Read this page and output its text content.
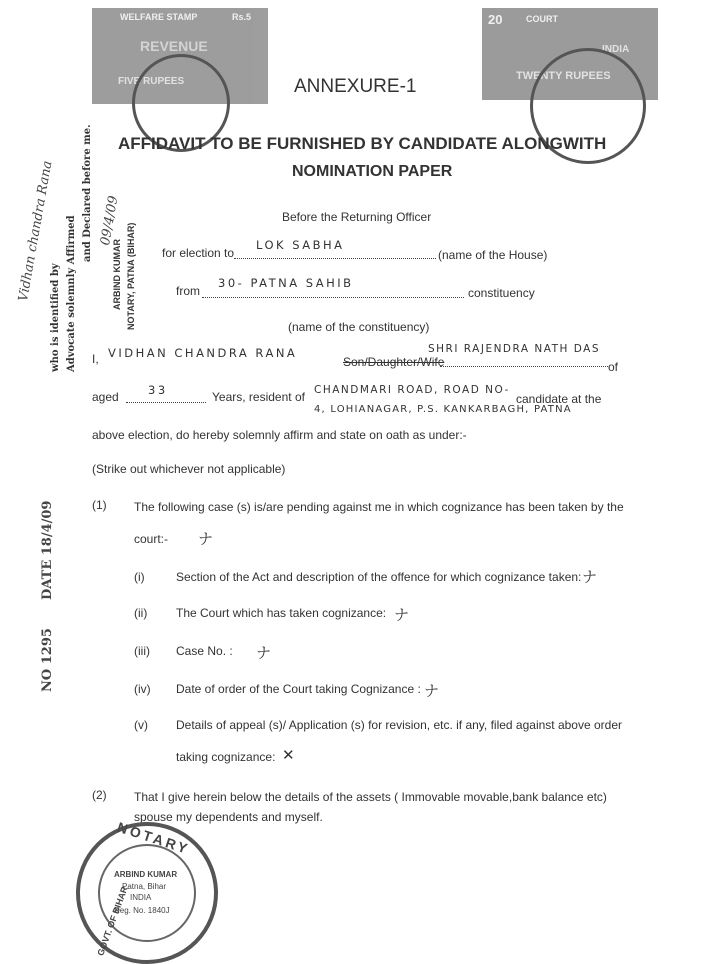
WELFARE STAMP	Rs.5
REVENUE
FIVE RUPEES
20	COURT
INDIA
TWENTY RUPEES
ANNEXURE-1
AFFIDAVIT TO BE FURNISHED BY CANDIDATE ALONGWITH
NOMINATION PAPER
Before the Returning Officer
for election to
LOK SABHA
(name of the House)
from
30- PATNA SAHIB
constituency
(name of the constituency)
I, VIDHAN CHANDRA RANA
Son/Daughter/Wife
SHRI RAJENDRA NATH DAS
of
aged	33	Years, resident of CHANDMARI ROAD, ROAD NO-
candidate at the
4, LOHIANAGAR, P.S. KANKARBAGH, PATNA
above election, do hereby solemnly affirm and state on oath as under:-
(Strike out whichever not applicable)
(1) The following case (s) is/are pending against me in which cognizance has been taken by the
court:- ナ
(i)	Section of the Act and description of the offence for which cognizance taken: ナ
(ii) The Court which has taken cognizance: ナ
(iii) Case No. : ナ
(iv) Date of order of the Court taking Cognizance : ナ
(v) Details of appeal (s)/ Application (s) for revision, etc. if any, filed against above order
taking cognizance: ✕
(2) That I give herein below the details of the assets ( Immovable movable,bank balance etc)
spouse my dependents and myself.
ARBIND KUMAR NOTARY, PATNA (BIHAR)
who is identified by Advocate solemnly Affirmed
and Declared before me.
Vidhan chandra Rana	09/4/09
NO 1295
DATE 18/4/09
NOTARY
ARBIND KUMAR
Patna, Bihar
INDIA
Reg. No. 1840J
GOVT. OF BIHAR
